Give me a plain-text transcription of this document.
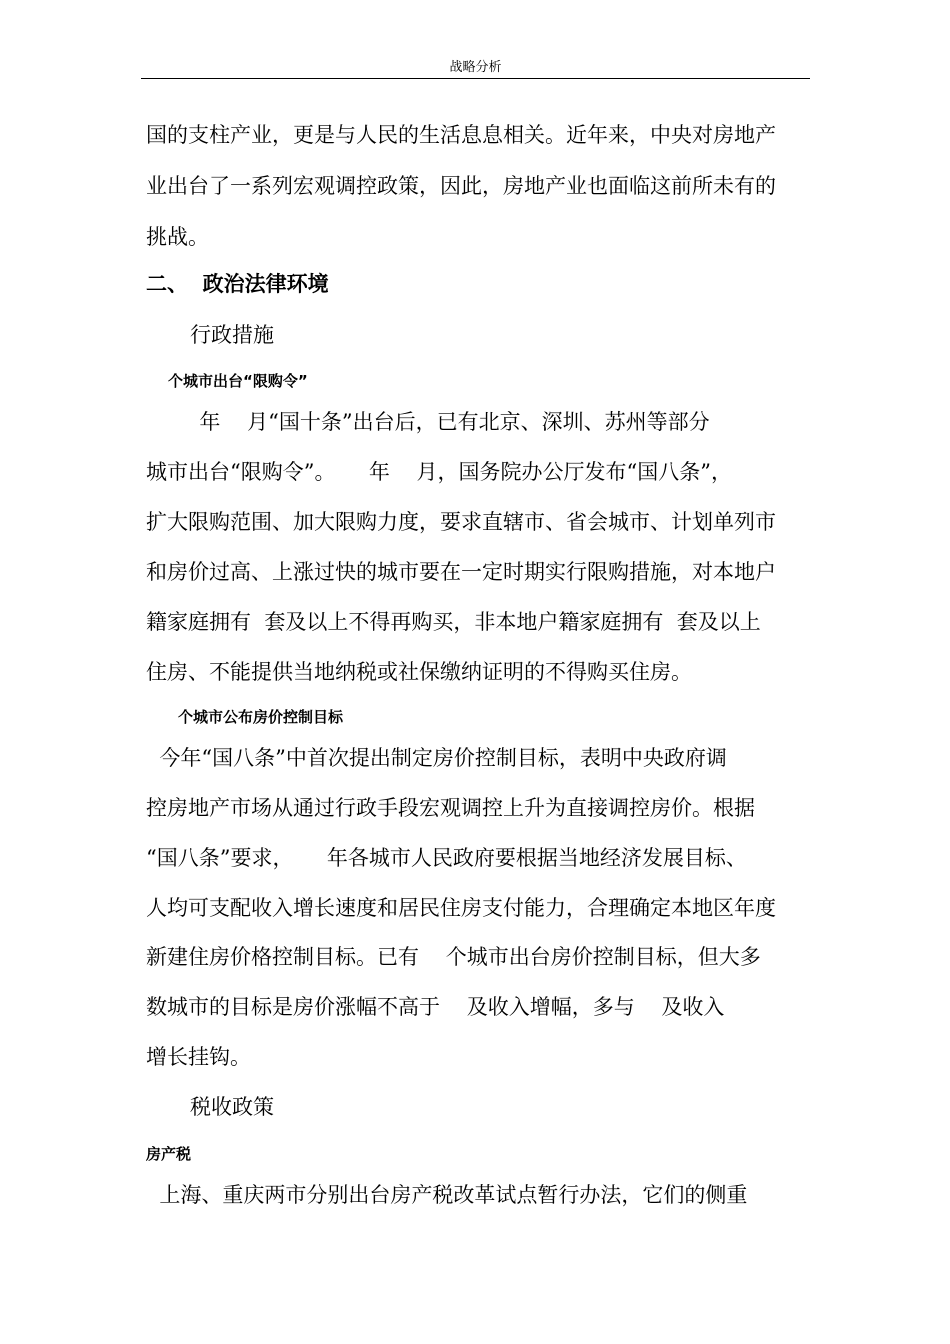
战略分析
国的支柱产业，更是与人民的生活息息相关。近年来，中央对房地产
业出台了一系列宏观调控政策，因此，房地产业也面临这前所未有的
挑战。
二、  政治法律环境
行政措施
个城市出台“限购令”
年    月“国十条”出台后，已有北京、深圳、苏州等部分
城市出台“限购令”。     年    月，国务院办公厅发布“国八条”，
扩大限购范围、加大限购力度，要求直辖市、省会城市、计划单列市
和房价过高、上涨过快的城市要在一定时期实行限购措施，对本地户
籍家庭拥有  套及以上不得再购买，非本地户籍家庭拥有  套及以上
住房、不能提供当地纳税或社保缴纳证明的不得购买住房。
个城市公布房价控制目标
今年“国八条”中首次提出制定房价控制目标，表明中央政府调
控房地产市场从通过行政手段宏观调控上升为直接调控房价。根据
“国八条”要求，     年各城市人民政府要根据当地经济发展目标、
人均可支配收入增长速度和居民住房支付能力，合理确定本地区年度
新建住房价格控制目标。已有    个城市出台房价控制目标，但大多
数城市的目标是房价涨幅不高于    及收入增幅，多与    及收入
增长挂钩。
税收政策
房产税
上海、重庆两市分别出台房产税改革试点暂行办法，它们的侧重
